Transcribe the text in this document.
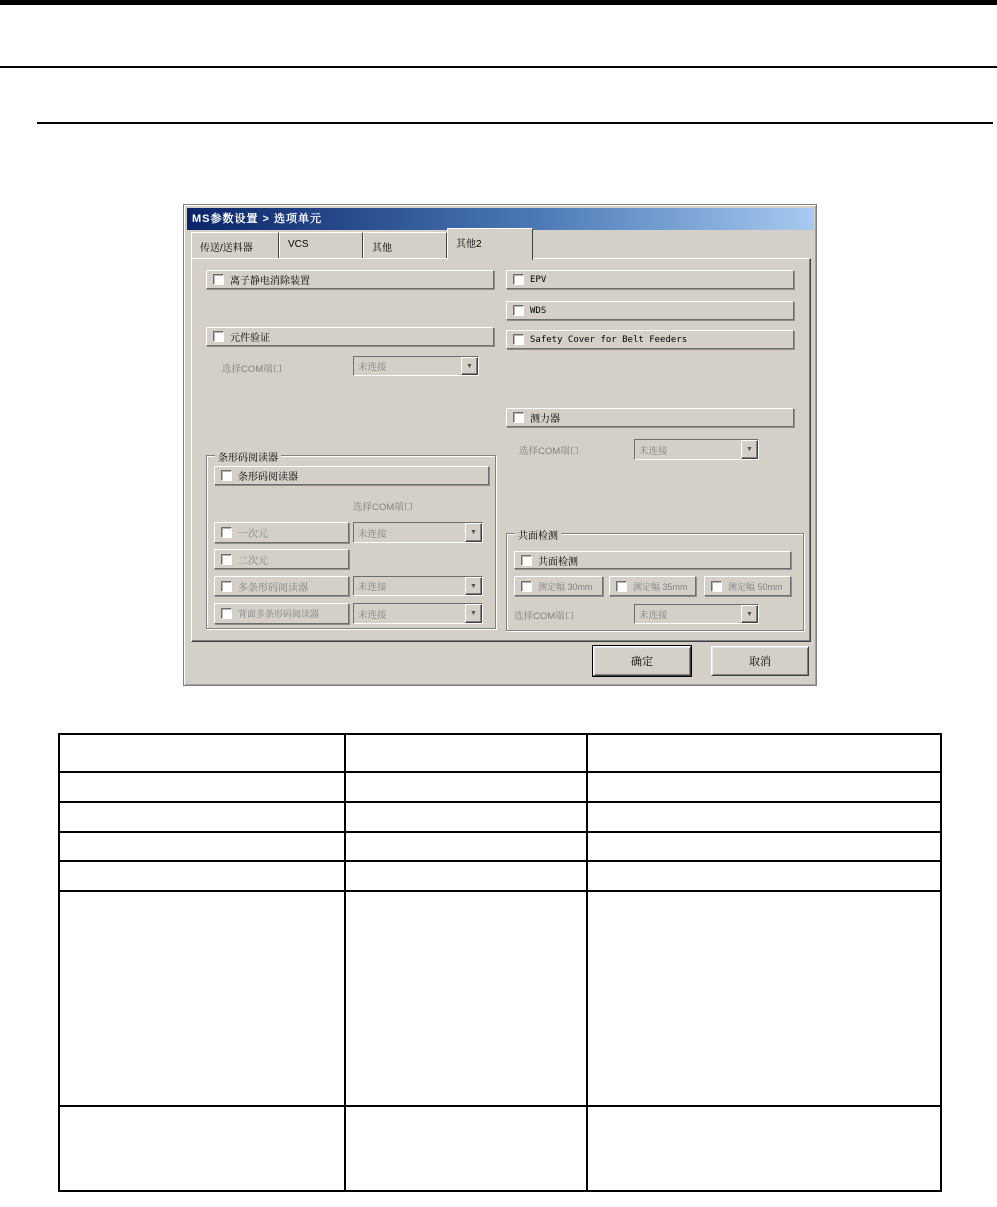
MS参数设置 > 选项单元
传送/送料器	VCS	其他	其他2
离子静电消除装置
元件验证
选择COM端口	未连接	▼
EPV
WDS
Safety Cover for Belt Feeders
测力器
选择COM端口	未连接	▼
条形码阅读器
条形码阅读器
选择COM端口
一次元	未连接	▼
二次元
多条形码阅读器	未连接	▼
背面多条形码阅读器	未连接	▼
共面检测
共面检测
测定幅 30mm	测定幅 35mm	测定幅 50mm
选择COM端口	未连接	▼
确定	取消
